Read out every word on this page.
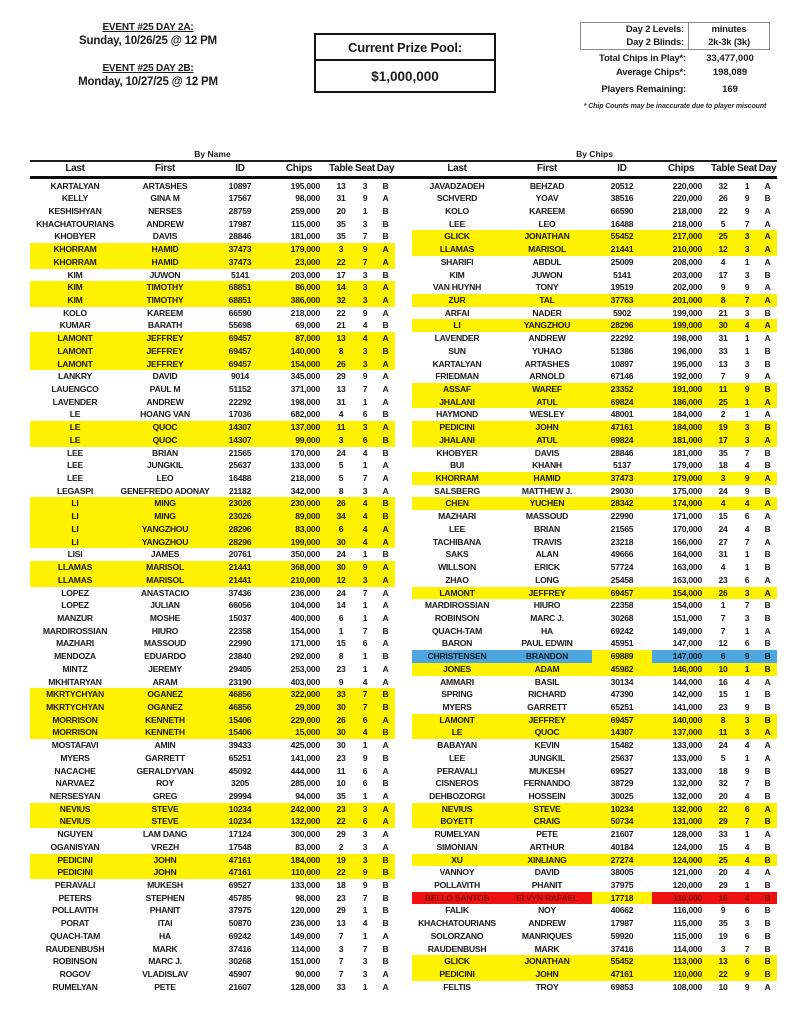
EVENT #25 DAY 2A:
Sunday, 10/26/25 @ 12 PM
EVENT #25 DAY 2B:
Monday, 10/27/25 @ 12 PM
Current Prize Pool:
$1,000,000
Day 2 Levels:	minutes
Day 2 Blinds:	2k-3k (3k)
Total Chips in Play*:	33,477,000
Average Chips*:	198,089
Players Remaining:	169
* Chip Counts may be inaccurate due to player miscount
By Name	By Chips
Last	First	ID	Chips	Table Seat Day
KARTALYAN	ARTASHES	10897	195,000	13	3	B
KELLY	GINA M	17567	98,000	31	9	A
KESHISHYAN	NERSES	28759	259,000	20	1	B
KHACHATOURIANS	ANDREW	17987	115,000	35	3	B
KHOBYER	DAVIS	28846	181,000	35	7	B
KHORRAM	HAMID	37473	179,000	3	9	A
KHORRAM	HAMID	37473	23,000	22	7	A
KIM	JUWON	5141	203,000	17	3	B
KIM	TIMOTHY	68851	86,000	14	3	A
KIM	TIMOTHY	68851	386,000	32	3	A
KOLO	KAREEM	66590	218,000	22	9	A
KUMAR	BARATH	55698	69,000	21	4	B
LAMONT	JEFFREY	69457	87,000	13	4	A
LAMONT	JEFFREY	69457	140,000	8	3	B
LAMONT	JEFFREY	69457	154,000	26	3	A
LANKRY	DAVID	9014	345,000	29	9	A
LAUENGCO	PAUL M	51152	371,000	13	7	A
LAVENDER	ANDREW	22292	198,000	31	1	A
LE	HOANG VAN	17036	682,000	4	6	B
LE	QUOC	14307	137,000	11	3	A
LE	QUOC	14307	99,000	3	6	B
LEE	BRIAN	21565	170,000	24	4	B
LEE	JUNGKIL	25637	133,000	5	1	A
LEE	LEO	16488	218,000	5	7	A
LEGASPI	GENEFREDO ADONAY	21182	342,000	8	3	A
LI	MING	23026	230,000	26	4	B
LI	MING	23026	89,000	34	4	B
LI	YANGZHOU	28296	83,000	6	4	A
LI	YANGZHOU	28296	199,000	30	4	A
LISI	JAMES	20761	350,000	24	1	B
LLAMAS	MARISOL	21441	368,000	30	9	A
LLAMAS	MARISOL	21441	210,000	12	3	A
LOPEZ	ANASTACIO	37436	236,000	24	7	A
LOPEZ	JULIAN	66056	104,000	14	1	A
MANZUR	MOSHE	15037	400,000	6	1	A
MARDIROSSIAN	HIURO	22358	154,000	1	7	B
MAZHARI	MASSOUD	22990	171,000	15	6	A
MENDOZA	EDUARDO	23840	292,000	8	1	B
MINTZ	JEREMY	29405	253,000	23	1	A
MKHITARYAN	ARAM	23190	403,000	9	4	A
MKRTYCHYAN	OGANEZ	46856	322,000	33	7	B
MKRTYCHYAN	OGANEZ	46856	29,000	30	7	B
MORRISON	KENNETH	15406	229,000	26	6	A
MORRISON	KENNETH	15406	15,000	30	4	B
MOSTAFAVI	AMIN	39433	425,000	30	1	A
MYERS	GARRETT	65251	141,000	23	9	B
NACACHE	GERALDYVAN	45092	444,000	11	6	A
NARVAEZ	ROY	3205	285,000	10	6	B
NERSESYAN	GREG	29994	94,000	35	1	A
NEVIUS	STEVE	10234	242,000	23	3	A
NEVIUS	STEVE	10234	132,000	22	6	A
NGUYEN	LAM DANG	17124	300,000	29	3	A
OGANISYAN	VREZH	17548	83,000	2	3	A
PEDICINI	JOHN	47161	184,000	19	3	B
PEDICINI	JOHN	47161	110,000	22	9	B
PERAVALI	MUKESH	69527	133,000	18	9	B
PETERS	STEPHEN	45785	98,000	23	7	B
POLLAVITH	PHANIT	37975	120,000	29	1	B
PORAT	ITAI	50870	236,000	13	4	B
QUACH-TAM	HA	69242	149,000	7	1	A
RAUDENBUSH	MARK	37416	114,000	3	7	B
ROBINSON	MARC J.	30268	151,000	7	3	B
ROGOV	VLADISLAV	45907	90,000	7	3	A
RUMELYAN	PETE	21607	128,000	33	1	A
Last	First	ID	Chips	Table Seat Day
JAVADZADEH	BEHZAD	20512	220,000	32	1	A
SCHVERD	YOAV	38516	220,000	26	9	B
KOLO	KAREEM	66590	218,000	22	9	A
LEE	LEO	16488	218,000	5	7	A
GLICK	JONATHAN	55452	217,000	25	3	A
LLAMAS	MARISOL	21441	210,000	12	3	A
SHARIFI	ABDUL	25009	208,000	4	1	A
KIM	JUWON	5141	203,000	17	3	B
VAN HUYNH	TONY	19519	202,000	9	9	A
ZUR	TAL	37763	201,000	8	7	A
ARFAI	NADER	5902	199,000	21	3	B
LI	YANGZHOU	28296	199,000	30	4	A
LAVENDER	ANDREW	22292	198,000	31	1	A
SUN	YUHAO	51386	196,000	33	1	B
KARTALYAN	ARTASHES	10897	195,000	13	3	B
FRIEDMAN	ARNOLD	67146	192,000	7	9	A
ASSAF	WAREF	23352	191,000	11	9	B
JHALANI	ATUL	69824	186,000	25	1	A
HAYMOND	WESLEY	48001	184,000	2	1	A
PEDICINI	JOHN	47161	184,000	19	3	B
JHALANI	ATUL	69824	181,000	17	3	A
KHOBYER	DAVIS	28846	181,000	35	7	B
BUI	KHANH	5137	179,000	18	4	B
KHORRAM	HAMID	37473	179,000	3	9	A
SALSBERG	MATTHEW J.	29030	175,000	24	9	B
CHEN	YUCHEN	28342	174,000	4	4	A
MAZHARI	MASSOUD	22990	171,000	15	6	A
LEE	BRIAN	21565	170,000	24	4	B
TACHIBANA	TRAVIS	23218	166,000	27	7	A
SAKS	ALAN	49666	164,000	31	1	B
WILLSON	ERICK	57724	163,000	4	1	B
ZHAO	LONG	25458	163,000	23	6	A
LAMONT	JEFFREY	69457	154,000	26	3	A
MARDIROSSIAN	HIURO	22358	154,000	1	7	B
ROBINSON	MARC J.	30268	151,000	7	3	B
QUACH-TAM	HA	69242	149,000	7	1	A
BARON	PAUL EDWIN	45951	147,000	12	6	B
CHRISTENSEN	BRANDON	69889	147,000	6	9	B
JONES	ADAM	45982	146,000	10	1	B
AMMARI	BASIL	30134	144,000	16	4	A
SPRING	RICHARD	47390	142,000	15	1	B
MYERS	GARRETT	65251	141,000	23	9	B
LAMONT	JEFFREY	69457	140,000	8	3	B
LE	QUOC	14307	137,000	11	3	A
BABAYAN	KEVIN	15482	133,000	24	4	A
LEE	JUNGKIL	25637	133,000	5	1	A
PERAVALI	MUKESH	69527	133,000	18	9	B
CISNEROS	FERNANDO	38729	132,000	32	7	B
DEHBOZORGI	HOSSEIN	30025	132,000	20	4	B
NEVIUS	STEVE	10234	132,000	22	6	A
BOYETT	CRAIG	50734	131,000	29	7	B
RUMELYAN	PETE	21607	128,000	33	1	A
SIMONIAN	ARTHUR	40184	124,000	15	4	B
XU	XINLIANG	27274	124,000	25	4	B
VANNOY	DAVID	38005	121,000	20	4	A
POLLAVITH	PHANIT	37975	120,000	29	1	B
BELLO SANTOS	ELVYN RAFAEL	17718	116,000	16	4	B
FALIK	NOY	40662	116,000	9	6	B
KHACHATOURIANS	ANDREW	17987	115,000	35	3	B
SOLORZANO	MANRIQUES	59920	115,000	19	6	B
RAUDENBUSH	MARK	37416	114,000	3	7	B
GLICK	JONATHAN	55452	113,000	13	6	B
PEDICINI	JOHN	47161	110,000	22	9	B
FELTIS	TROY	69853	108,000	10	9	A
